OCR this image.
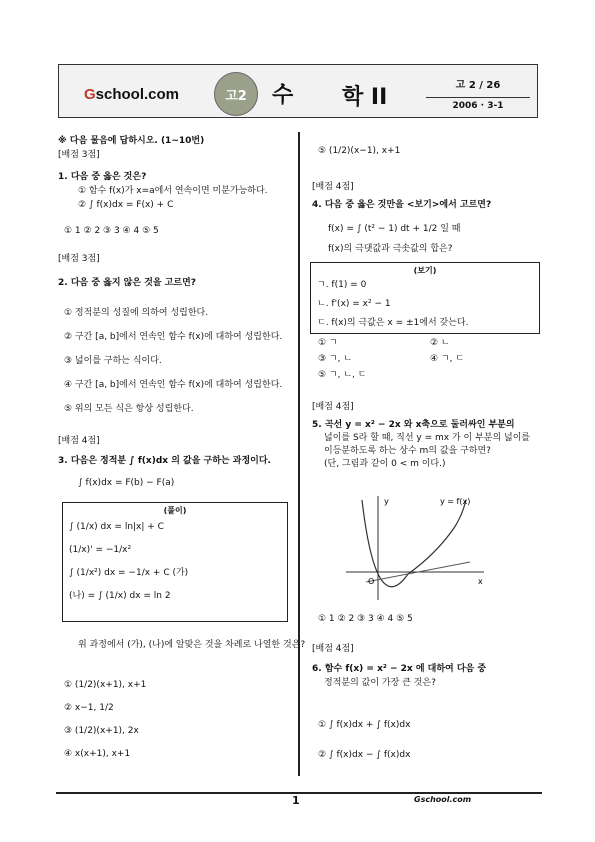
Gschool.com	고2	수 학 II	고 2 / 26
2006 · 3-1
※ 다음 물음에 답하시오. (1~10번)
[배점 3점]
1. 다음 중 옳은 것은?
① 함수 f(x)가 x=a에서 연속이면 미분가능하다.
② ∫ f(x)dx = F(x) + C
① 1 ② 2 ③ 3 ④ 4 ⑤ 5
[배점 3점]
2. 다음 중 옳지 않은 것을 고르면?
① 정적분의 성질에 의하여 성립한다.
② 구간 [a, b]에서 연속인 함수 f(x)에 대하여 성립한다.
③ 넓이를 구하는 식이다.
④ 구간 [a, b]에서 연속인 함수 f(x)에 대하여 성립한다.
⑤ 위의 모든 식은 항상 성립한다.
[배점 4점]
3. 다음은 정적분 ∫ f(x)dx 의 값을 구하는 과정이다.
∫ f(x)dx = F(b) − F(a)
(풀이)
∫ (1/x) dx = ln|x| + C
(1/x)' = −1/x²
∫ (1/x²) dx = −1/x + C (가)
(나) = ∫ (1/x) dx = ln 2
위 과정에서 (가), (나)에 알맞은 것을 차례로 나열한 것은?
① (1/2)(x+1), x+1
② x−1, 1/2
③ (1/2)(x+1), 2x
④ x(x+1), x+1
⑤ (1/2)(x−1), x+1
[배점 4점]
4. 다음 중 옳은 것만을 <보기>에서 고르면?
f(x) = ∫ (t² − 1) dt + 1/2 일 때
f(x)의 극댓값과 극솟값의 합은?
(보기)
ㄱ. f(1) = 0
ㄴ. f'(x) = x² − 1
ㄷ. f(x)의 극값은 x = ±1에서 갖는다.
① ㄱ	② ㄴ
③ ㄱ, ㄴ	④ ㄱ, ㄷ
⑤ ㄱ, ㄴ, ㄷ
[배점 4점]
5. 곡선 y = x² − 2x 와 x축으로 둘러싸인 부분의
넓이를 S라 할 때, 직선 y = mx 가 이 부분의 넓이를
이등분하도록 하는 상수 m의 값을 구하면?
(단, 그림과 같이 0 < m 이다.)
y	y = f(x)
O	x
① 1 ② 2 ③ 3 ④ 4 ⑤ 5
[배점 4점]
6. 함수 f(x) = x² − 2x 에 대하여 다음 중
정적분의 값이 가장 큰 것은?
① ∫ f(x)dx + ∫ f(x)dx
② ∫ f(x)dx − ∫ f(x)dx
1	Gschool.com
